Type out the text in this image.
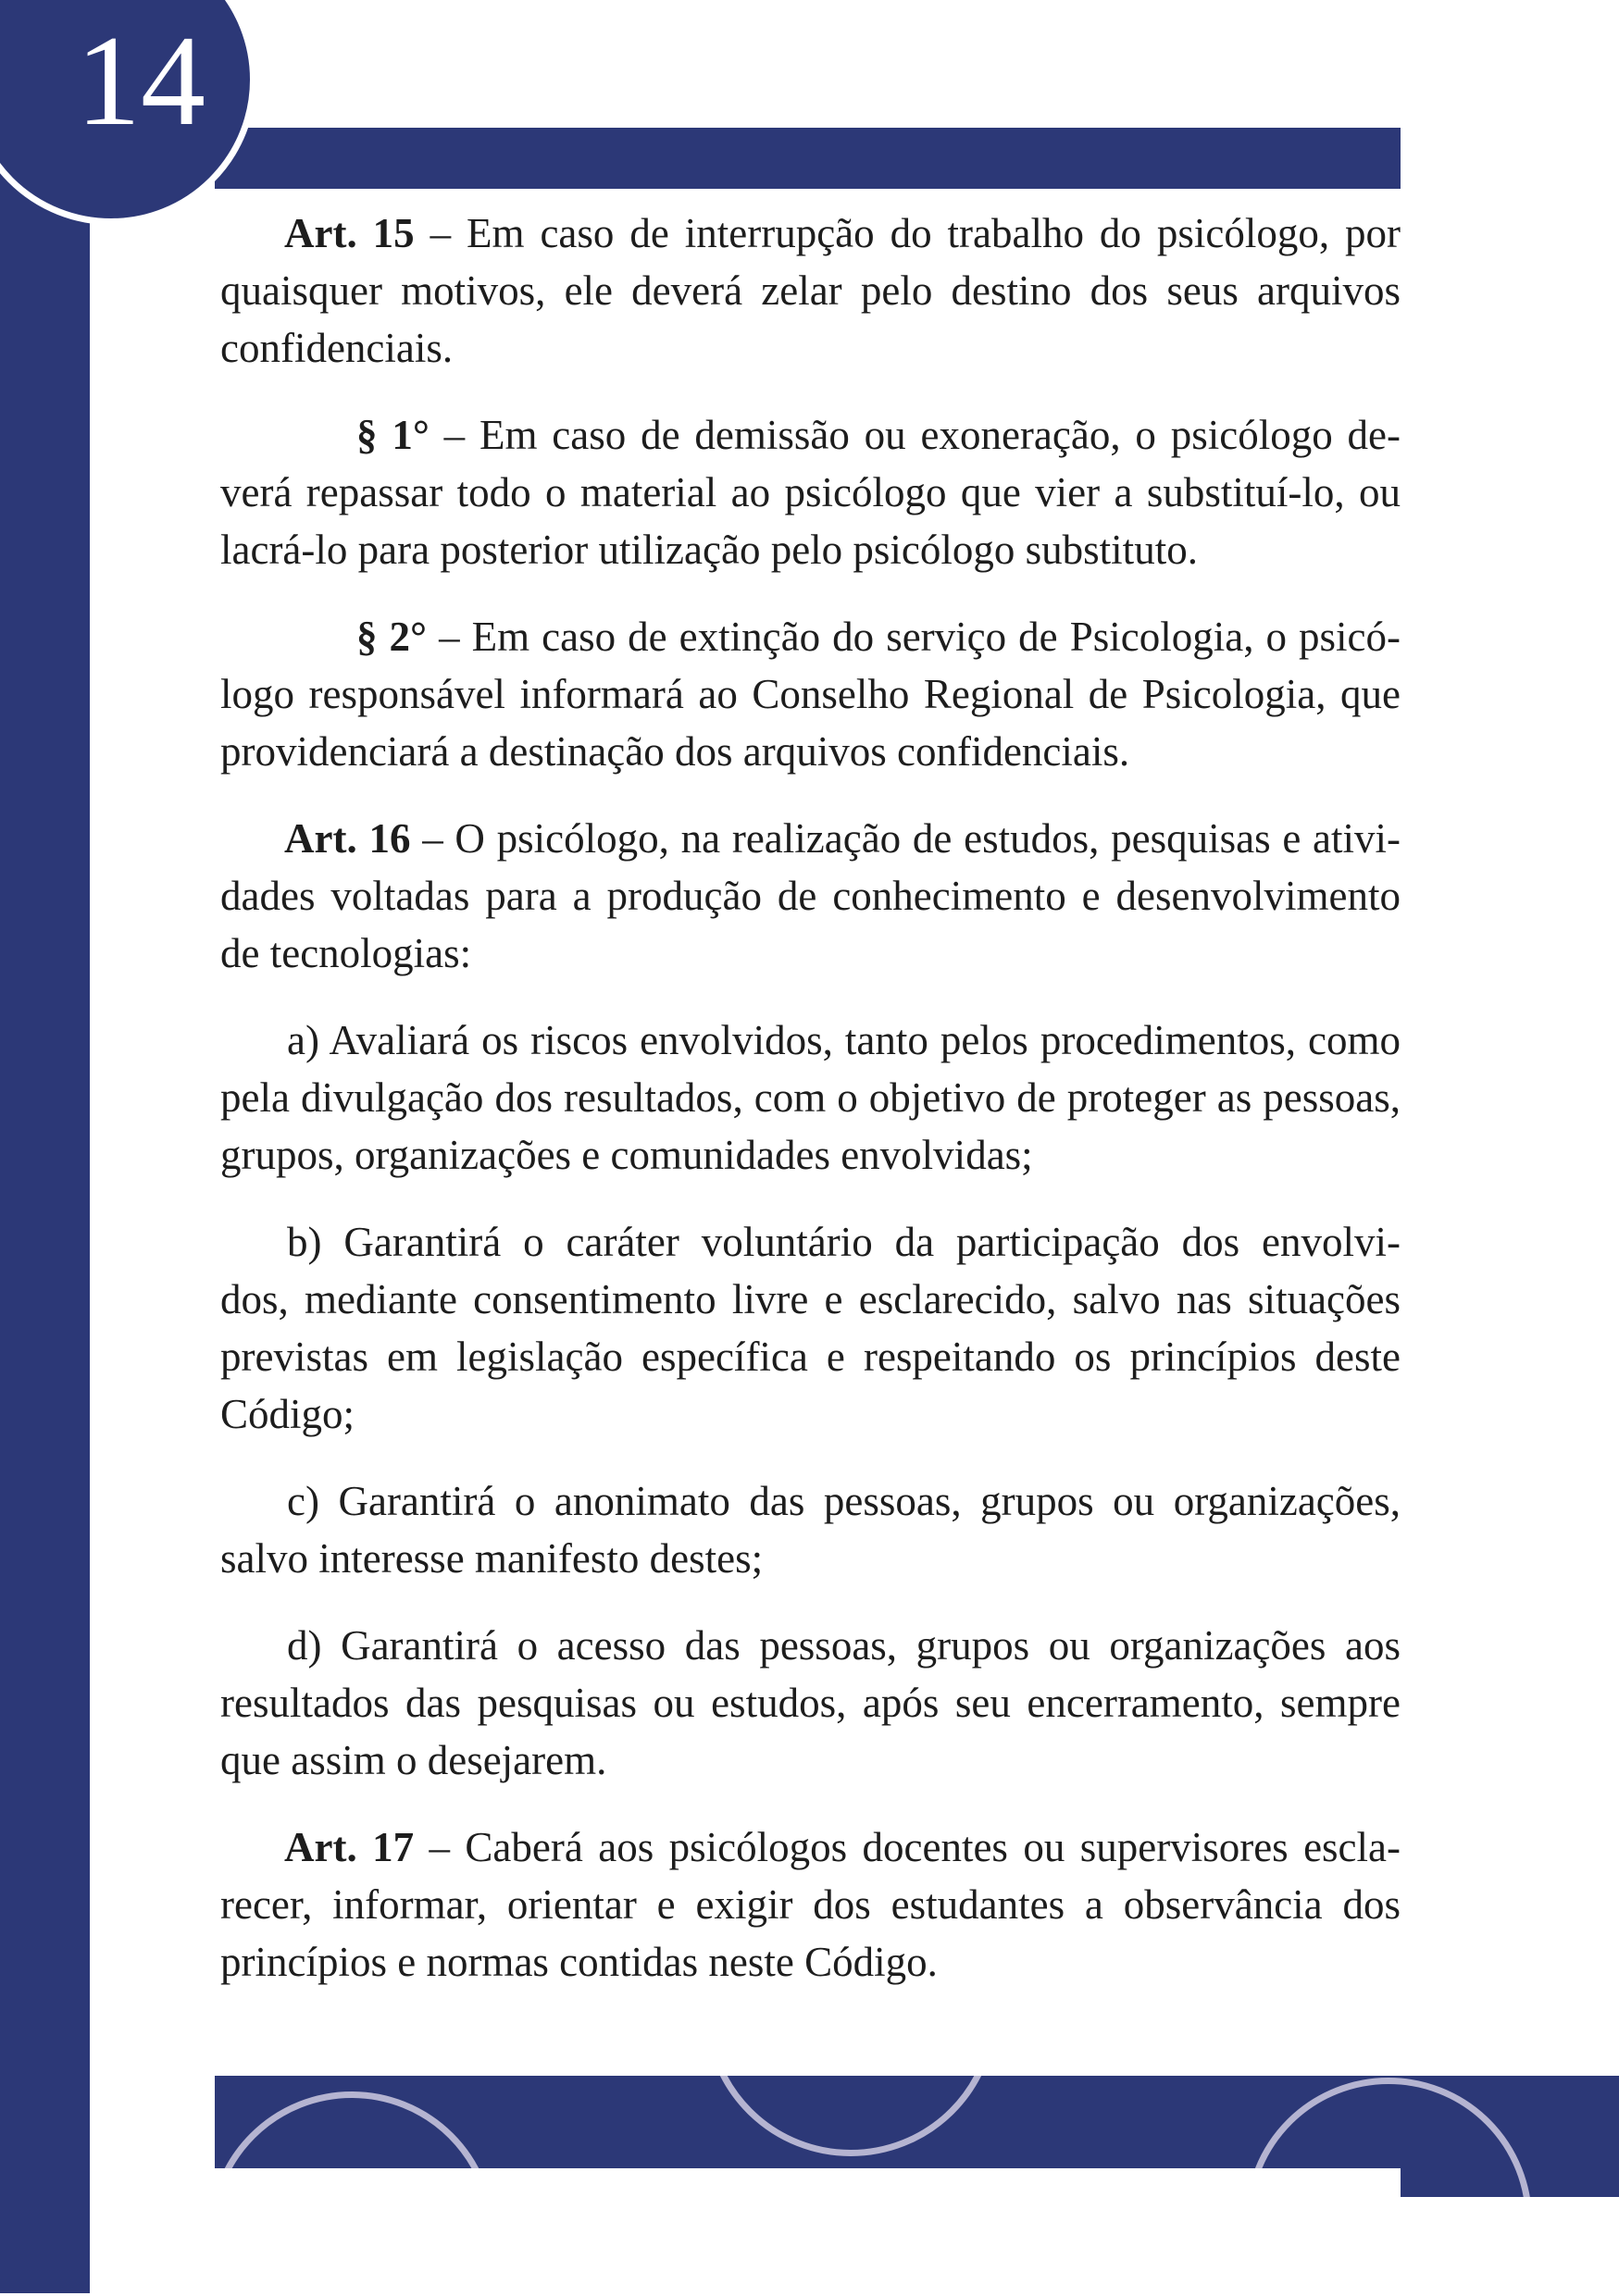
14
Art. 15 – Em caso de interrupção do trabalho do psicólogo, por
quaisquer motivos, ele deverá zelar pelo destino dos seus arquivos
confidenciais.
§ 1° – Em caso de demissão ou exoneração, o psicólogo de-
verá repassar todo o material ao psicólogo que vier a substituí-lo, ou
lacrá-lo para posterior utilização pelo psicólogo substituto.
§ 2° – Em caso de extinção do serviço de Psicologia, o psicó-
logo responsável informará ao Conselho Regional de Psicologia, que
providenciará a destinação dos arquivos confidenciais.
Art. 16 – O psicólogo, na realização de estudos, pesquisas e ativi-
dades voltadas para a produção de conhecimento e desenvolvimento
de tecnologias:
a) Avaliará os riscos envolvidos, tanto pelos procedimentos, como
pela divulgação dos resultados, com o objetivo de proteger as pessoas,
grupos, organizações e comunidades envolvidas;
b) Garantirá o caráter voluntário da participação dos envolvi-
dos, mediante consentimento livre e esclarecido, salvo nas situações
previstas em legislação específica e respeitando os princípios deste
Código;
c) Garantirá o anonimato das pessoas, grupos ou organizações,
salvo interesse manifesto destes;
d) Garantirá o acesso das pessoas, grupos ou organizações aos
resultados das pesquisas ou estudos, após seu encerramento, sempre
que assim o desejarem.
Art. 17 – Caberá aos psicólogos docentes ou supervisores escla-
recer, informar, orientar e exigir dos estudantes a observância dos
princípios e normas contidas neste Código.
